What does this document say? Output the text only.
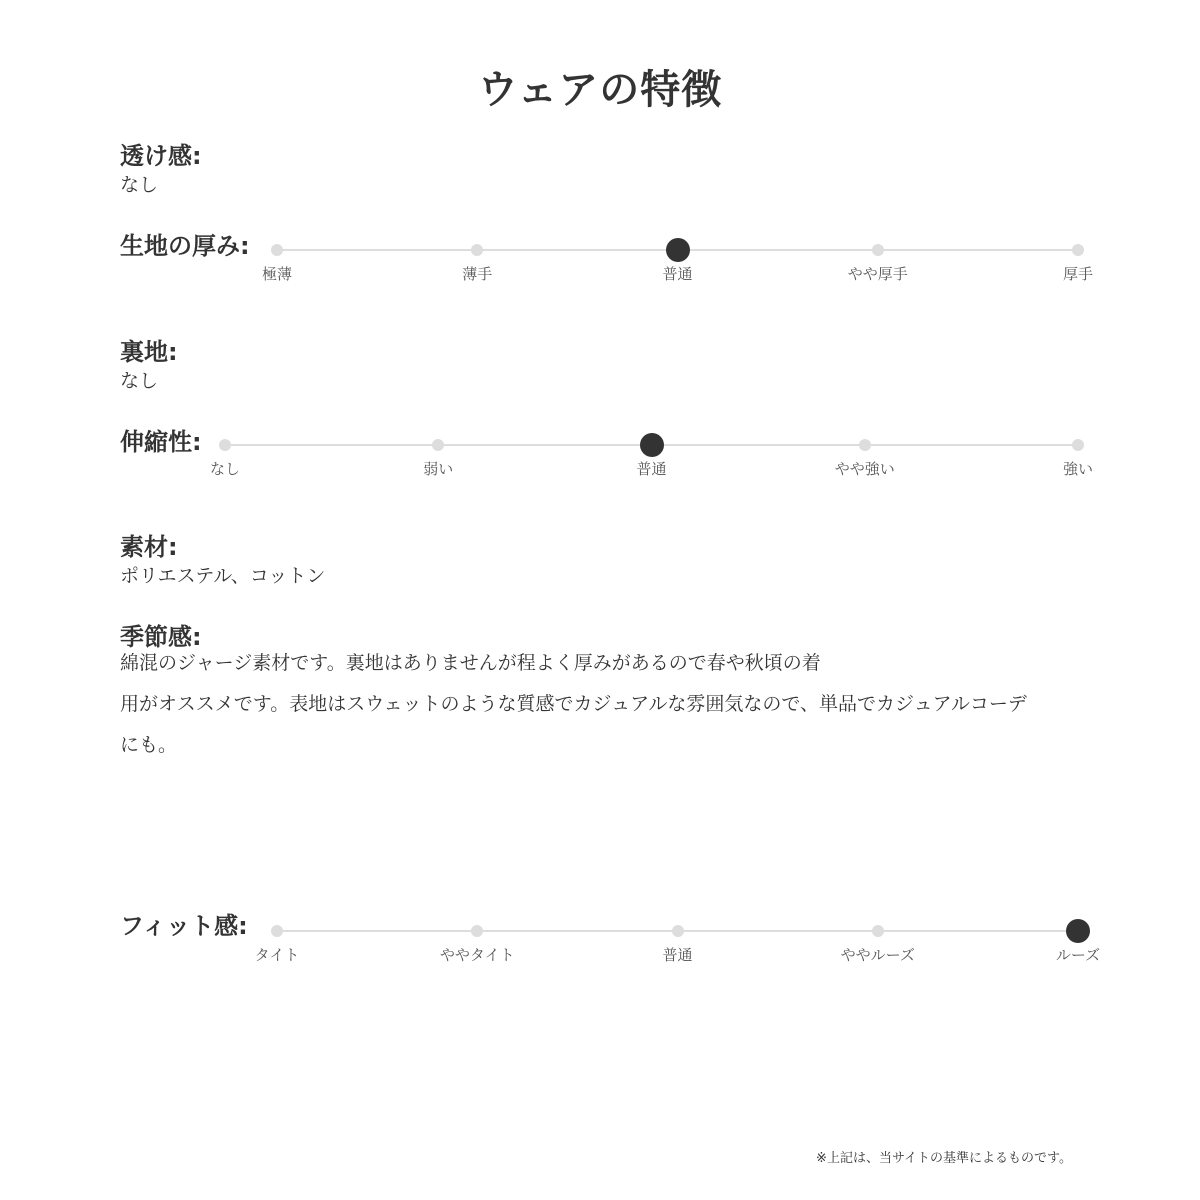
ウェアの特徴
透け感:

なし

生地の厚み:
極薄	薄手	普通	やや厚手	厚手
裏地:

なし

伸縮性:
なし	弱い	普通	やや強い	強い
素材:

ポリエステル、コットン

季節感:
綿混のジャージ素材です。裏地はありませんが程よく厚みがあるので春や秋頃の着
用がオススメです。表地はスウェットのような質感でカジュアルな雰囲気なので、単品でカジュアルコーデ
にも。
フィット感:
タイト	ややタイト	普通	ややルーズ	ルーズ

※上記は、当サイトの基準によるものです。
